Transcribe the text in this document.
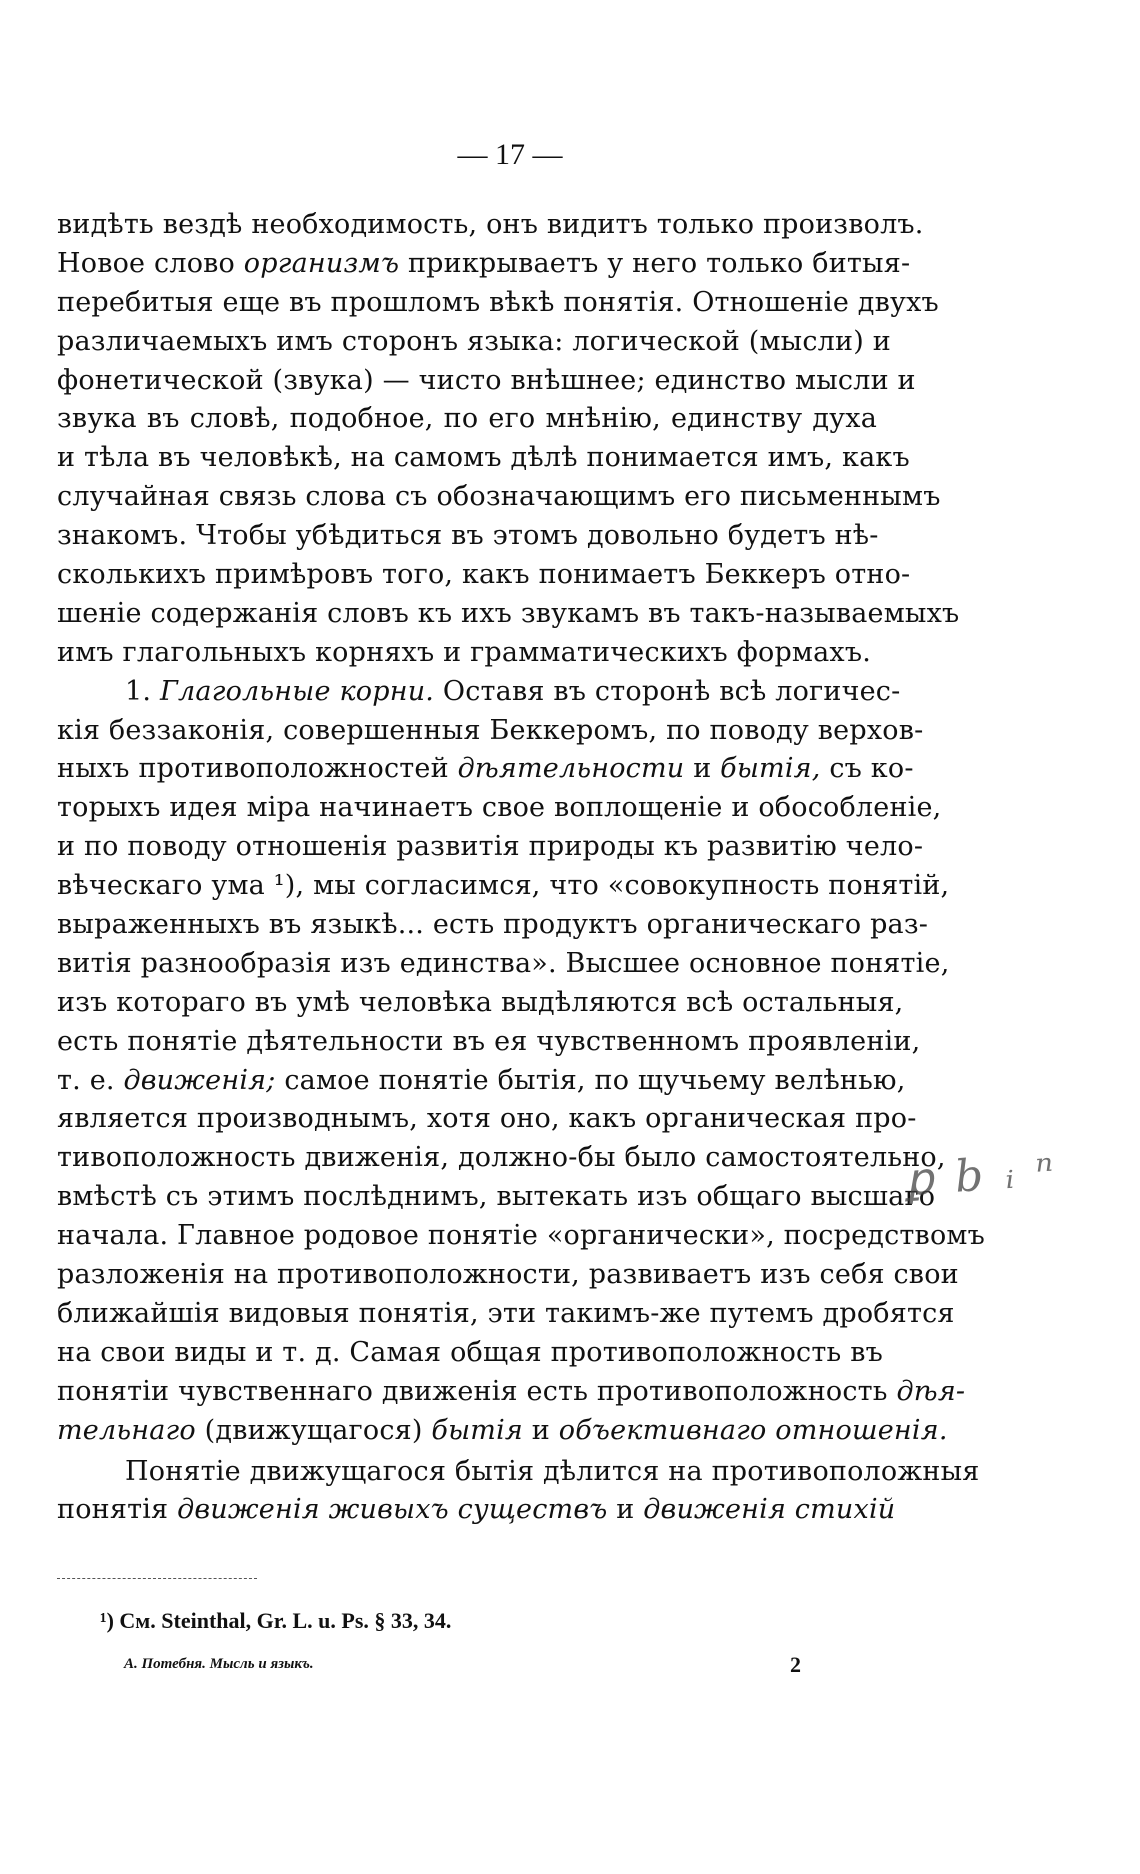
— 17 —
видѣть вездѣ необходимость, онъ видитъ только произволъ.
Новое слово организмъ прикрываетъ у него только битыя-
перебитыя еще въ прошломъ вѣкѣ понятія. Отношеніе двухъ
различаемыхъ имъ сторонъ языка: логической (мысли) и
фонетической (звука) — чисто внѣшнее; единство мысли и
звука въ словѣ, подобное, по его мнѣнію, единству духа
и тѣла въ человѣкѣ, на самомъ дѣлѣ понимается имъ, какъ
случайная связь слова съ обозначающимъ его письменнымъ
знакомъ. Чтобы убѣдиться въ этомъ довольно будетъ нѣ-
сколькихъ примѣровъ того, какъ понимаетъ Беккеръ отно-
шеніе содержанія словъ къ ихъ звукамъ въ такъ-называемыхъ
имъ глагольныхъ корняхъ и грамматическихъ формахъ.
1. Глагольные корни. Оставя въ сторонѣ всѣ логичес-
кія беззаконія, совершенныя Беккеромъ, по поводу верхов-
ныхъ противоположностей дѣятельности и бытія, съ ко-
торыхъ идея міра начинаетъ свое воплощеніе и обособленіе,
и по поводу отношенія развитія природы къ развитію чело-
вѣческаго ума ¹), мы согласимся, что «совокупность понятій,
выраженныхъ въ языкѣ... есть продуктъ органическаго раз-
витія разнообразія изъ единства». Высшее основное понятіе,
изъ котораго въ умѣ человѣка выдѣляются всѣ остальныя,
есть понятіе дѣятельности въ ея чувственномъ проявленіи,
т. е. движенія; самое понятіе бытія, по щучьему велѣнью,
является производнымъ, хотя оно, какъ органическая про-
тивоположность движенія, должно-бы было самостоятельно,
вмѣстѣ съ этимъ послѣднимъ, вытекать изъ общаго высшаго
начала. Главное родовое понятіе «органически», посредствомъ
разложенія на противоположности, развиваетъ изъ себя свои
ближайшія видовыя понятія, эти такимъ-же путемъ дробятся
на свои виды и т. д. Самая общая противоположность въ
понятіи чувственнаго движенія есть противоположность дѣя-
тельнаго (движущагося) бытія и объективнаго отношенія.
Понятіе движущагося бытія дѣлится на противоположныя
понятія движенія живыхъ существъ и движенія стихій
ꝑ 𝑏 ᵢ ⁿ
¹) См. Steinthal, Gr. L. u. Ps. § 33, 34.
А. Потебня. Мысль и языкъ.	2
